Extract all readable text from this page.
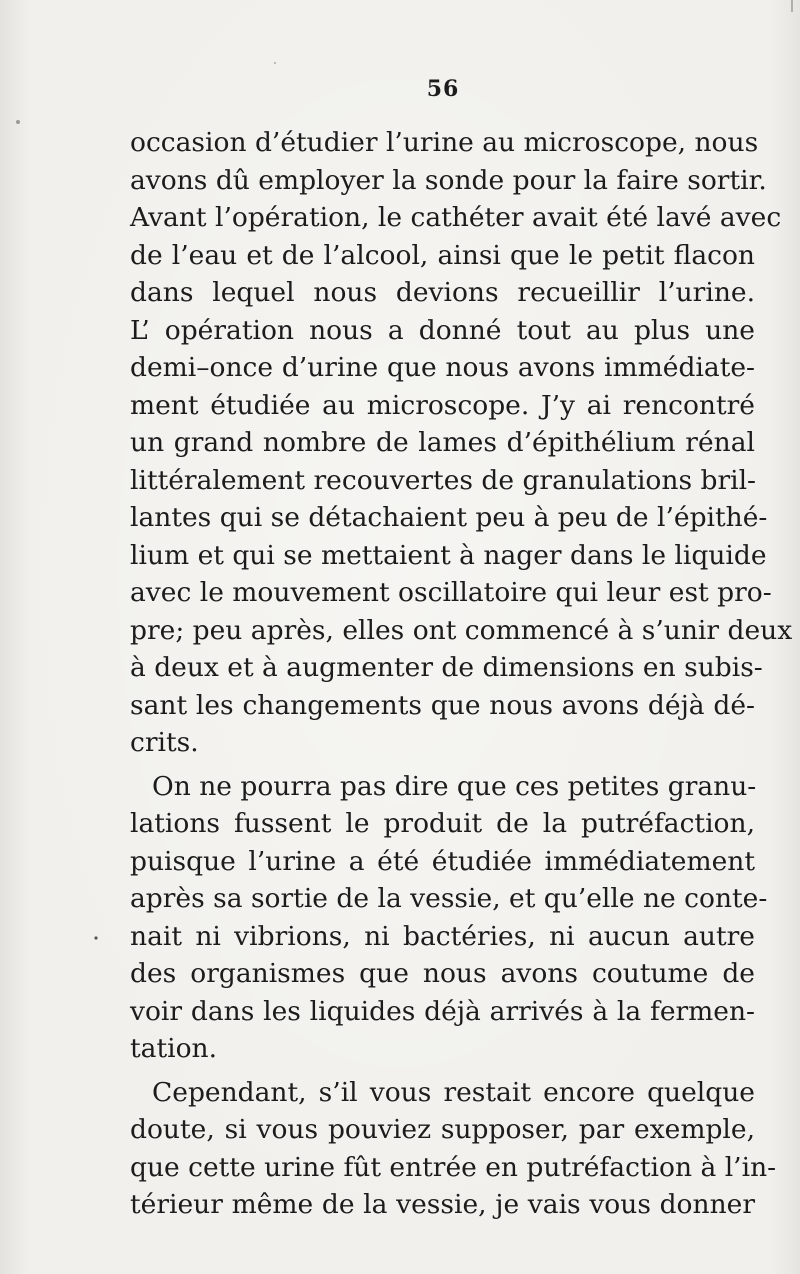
56
occasion d’étudier l’urine au microscope, nous
avons dû employer la sonde pour la faire sortir.
Avant l’opération, le cathéter avait été lavé avec
de l’eau et de l’alcool, ainsi que le petit flacon
dans lequel nous devions recueillir l’urine.
L’ opération nous a donné tout au plus une
demi–once d’urine que nous avons immédiate-
ment étudiée au microscope. J’y ai rencontré
un grand nombre de lames d’épithélium rénal
littéralement recouvertes de granulations bril-
lantes qui se détachaient peu à peu de l’épithé-
lium et qui se mettaient à nager dans le liquide
avec le mouvement oscillatoire qui leur est pro-
pre; peu après, elles ont commencé à s’unir deux
à deux et à augmenter de dimensions en subis-
sant les changements que nous avons déjà dé-
crits.
On ne pourra pas dire que ces petites granu-
lations fussent le produit de la putréfaction,
puisque l’urine a été étudiée immédiatement
après sa sortie de la vessie, et qu’elle ne conte-
nait ni vibrions, ni bactéries, ni aucun autre
des organismes que nous avons coutume de
voir dans les liquides déjà arrivés à la fermen-
tation.
Cependant, s’il vous restait encore quelque
doute, si vous pouviez supposer, par exemple,
que cette urine fût entrée en putréfaction à l’in-
térieur même de la vessie, je vais vous donner
